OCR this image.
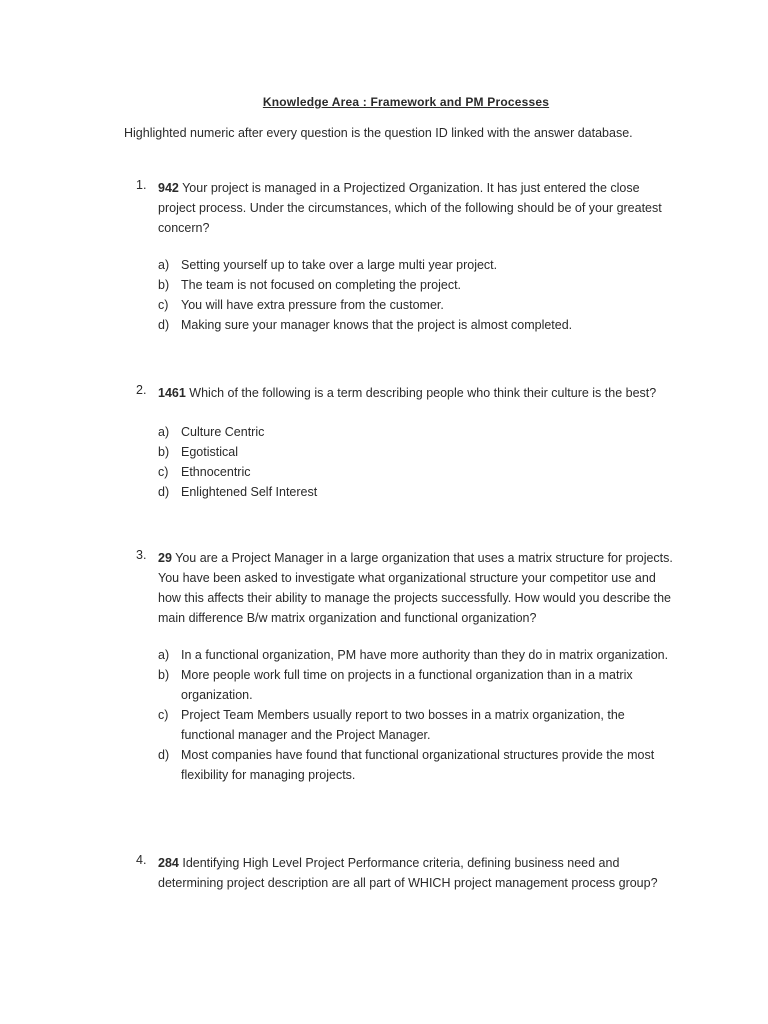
Knowledge Area : Framework and PM Processes
Highlighted numeric after every question is the question ID linked with the answer database.
1. 942 Your project is managed in a Projectized Organization. It has just entered the close project process. Under the circumstances, which of the following should be of your greatest concern?
a) Setting yourself up to take over a large multi year project.
b) The team is not focused on completing the project.
c) You will have extra pressure from the customer.
d) Making sure your manager knows that the project is almost completed.
2. 1461 Which of the following is a term describing people who think their culture is the best?
a) Culture Centric
b) Egotistical
c) Ethnocentric
d) Enlightened Self Interest
3. 29 You are a Project Manager in a large organization that uses a matrix structure for projects. You have been asked to investigate what organizational structure your competitor use and how this affects their ability to manage the projects successfully. How would you describe the main difference B/w matrix organization and functional organization?
a) In a functional organization, PM have more authority than they do in matrix organization.
b) More people work full time on projects in a functional organization than in a matrix organization.
c) Project Team Members usually report to two bosses in a matrix organization, the functional manager and the Project Manager.
d) Most companies have found that functional organizational structures provide the most flexibility for managing projects.
4. 284 Identifying High Level Project Performance criteria, defining business need and determining project description are all part of WHICH project management process group?
